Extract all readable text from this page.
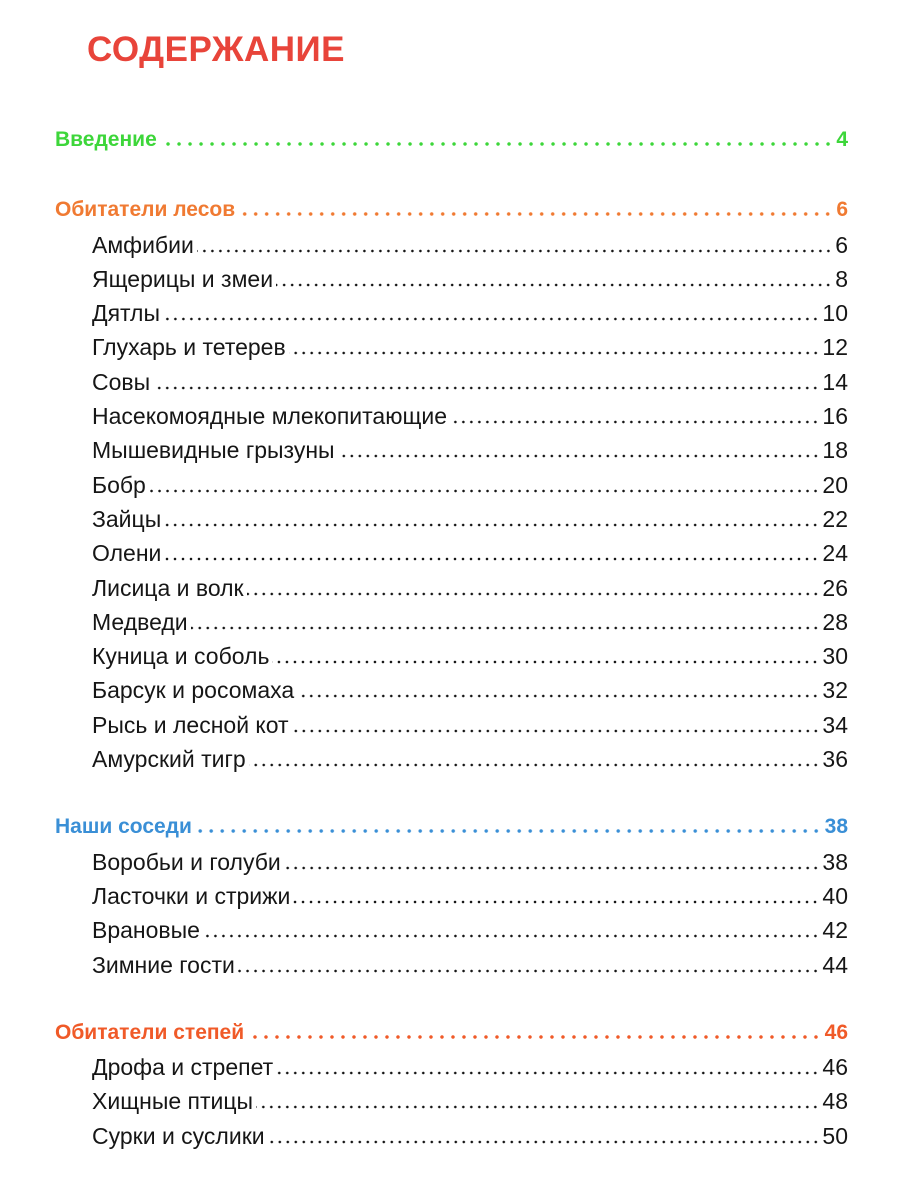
СОДЕРЖАНИЕ
Введение	4
Обитатели лесов	6
Амфибии	6
Ящерицы и змеи	8
Дятлы	10
Глухарь и тетерев	12
Совы	14
Насекомоядные млекопитающие	16
Мышевидные грызуны	18
Бобр	20
Зайцы	22
Олени	24
Лисица и волк	26
Медведи	28
Куница и соболь	30
Барсук и росомаха	32
Рысь и лесной кот	34
Амурский тигр	36
Наши соседи	38
Воробьи и голуби	38
Ласточки и стрижи	40
Врановые	42
Зимние гости	44
Обитатели степей	46
Дрофа и стрепет	46
Хищные птицы	48
Сурки и суслики	50
